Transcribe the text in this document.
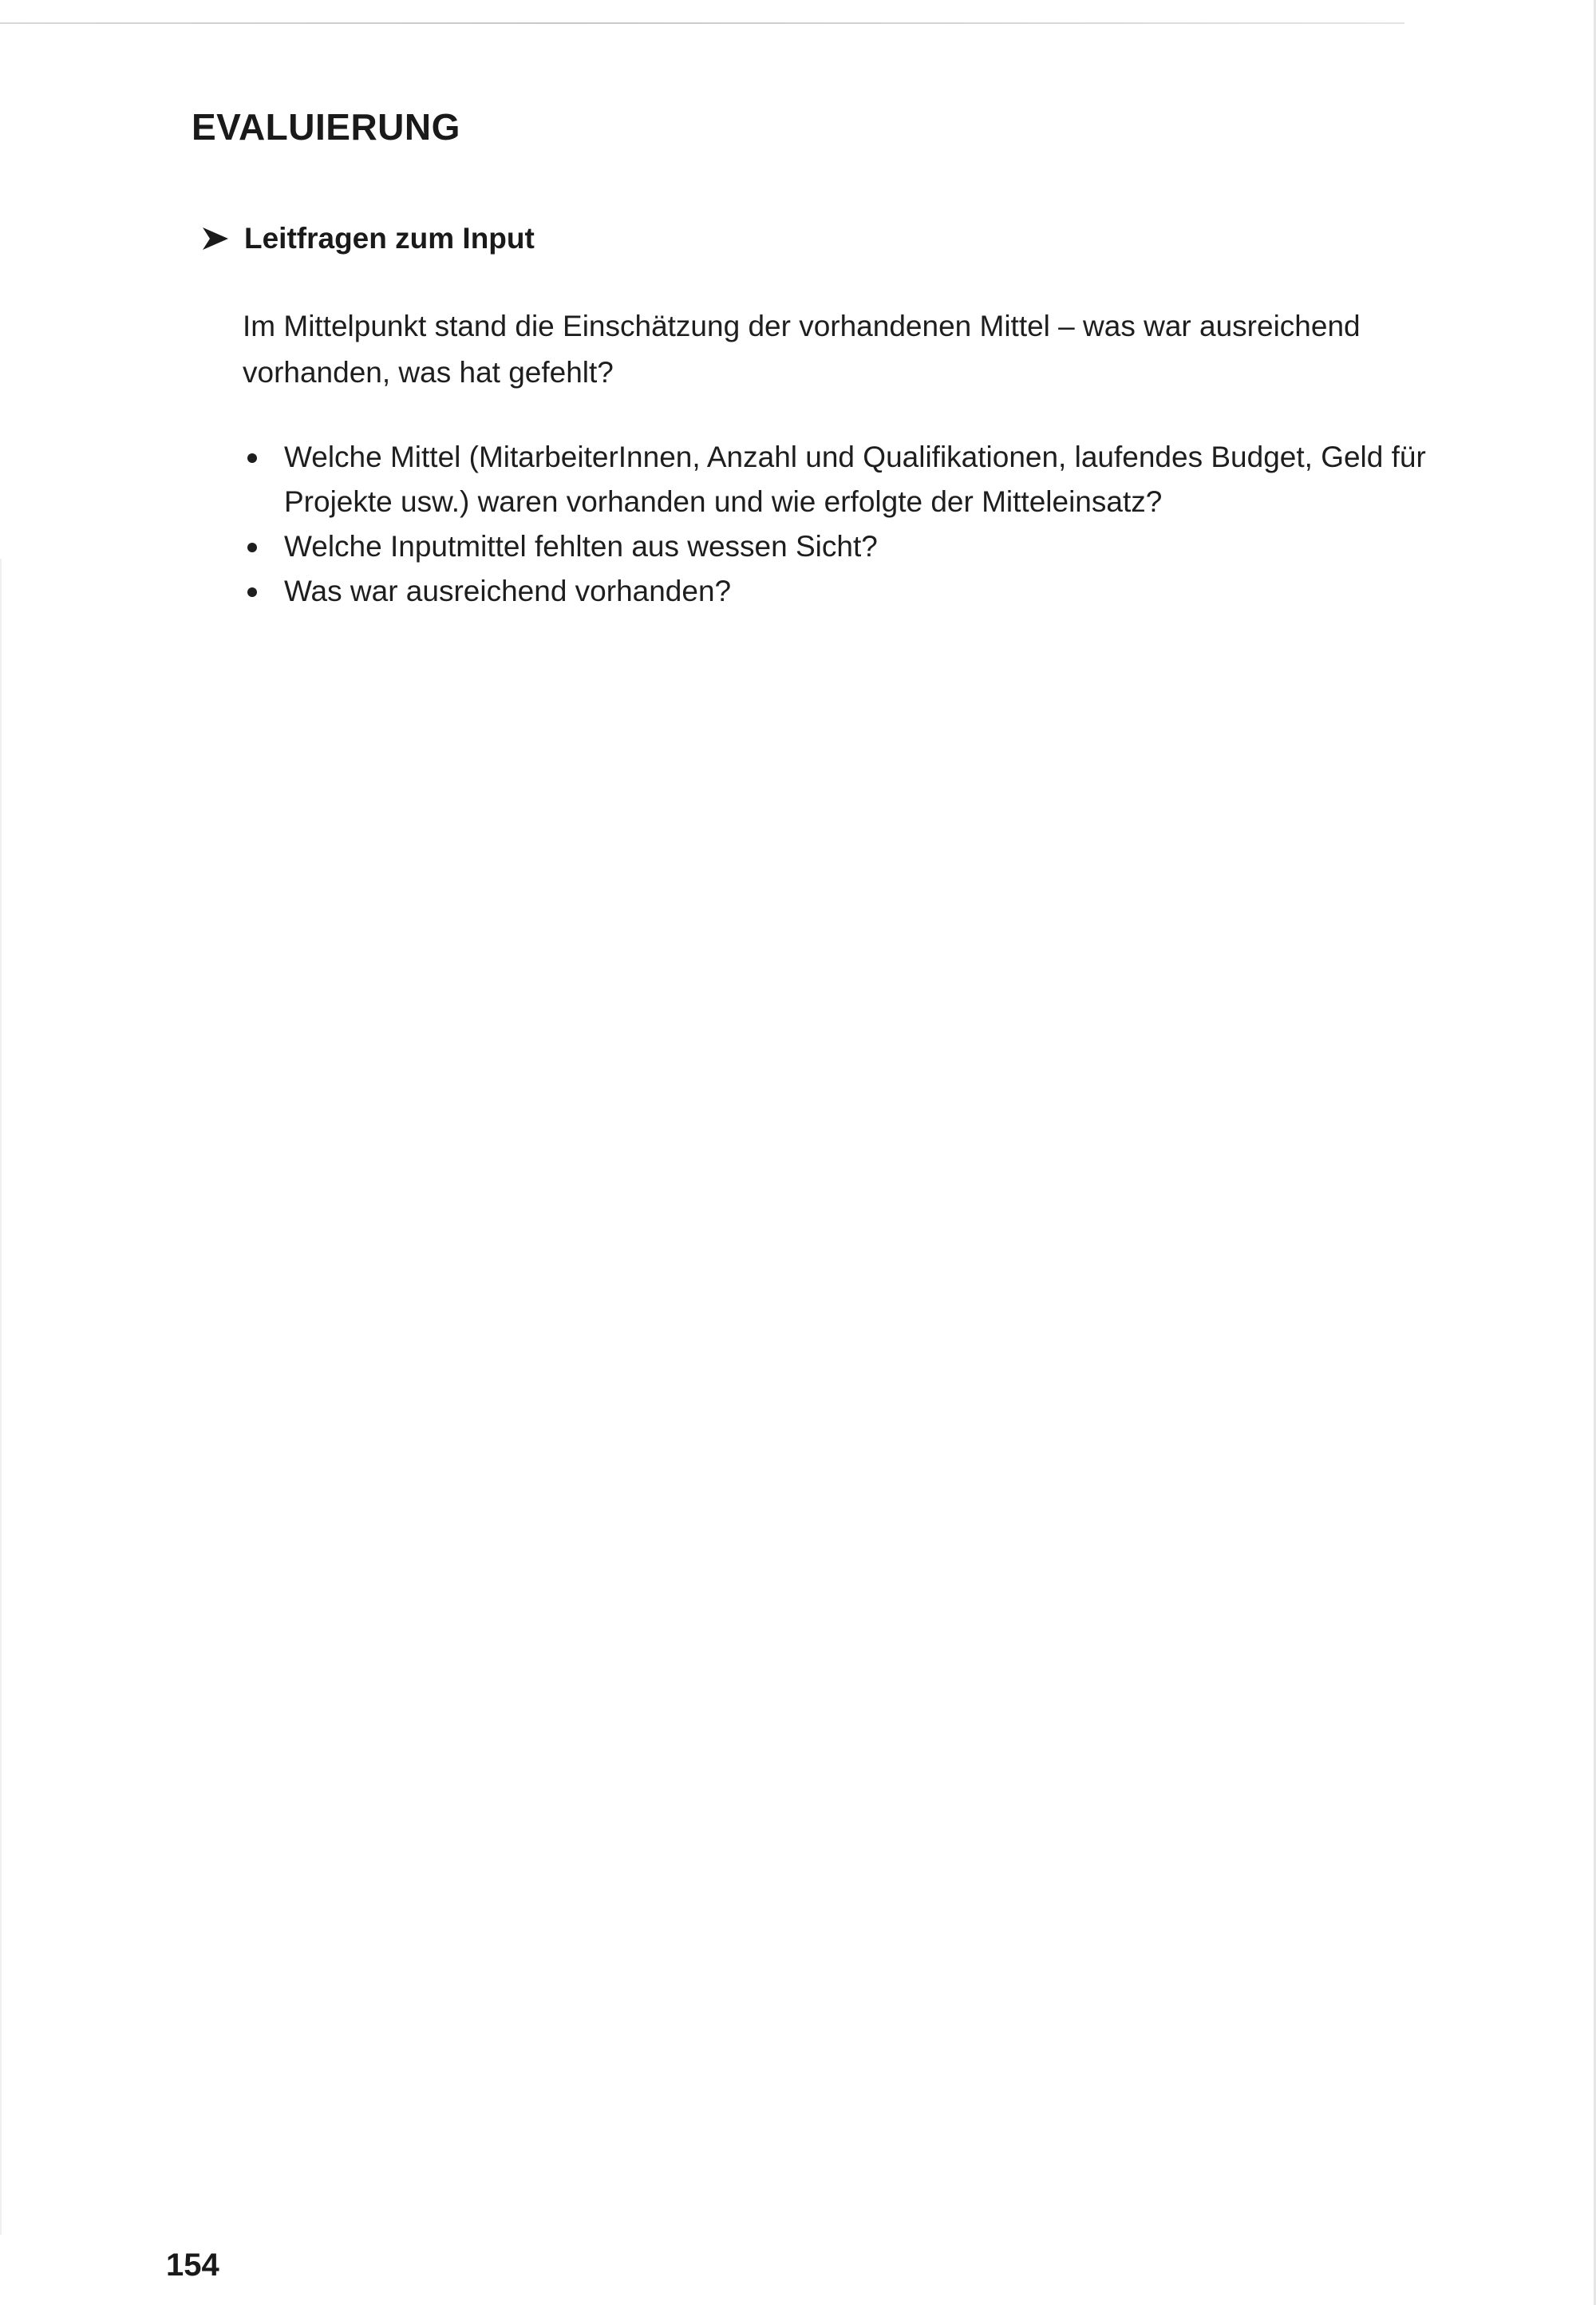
EVALUIERUNG
Leitfragen zum Input

Im Mittelpunkt stand die Einschätzung der vorhandenen Mittel – was war ausreichend vorhanden, was hat gefehlt?

Welche Mittel (MitarbeiterInnen, Anzahl und Qualifikationen, laufendes Budget, Geld für Projekte usw.) waren vorhanden und wie erfolgte der Mitteleinsatz?
Welche Inputmittel fehlten aus wessen Sicht?
Was war ausreichend vorhanden?
154
